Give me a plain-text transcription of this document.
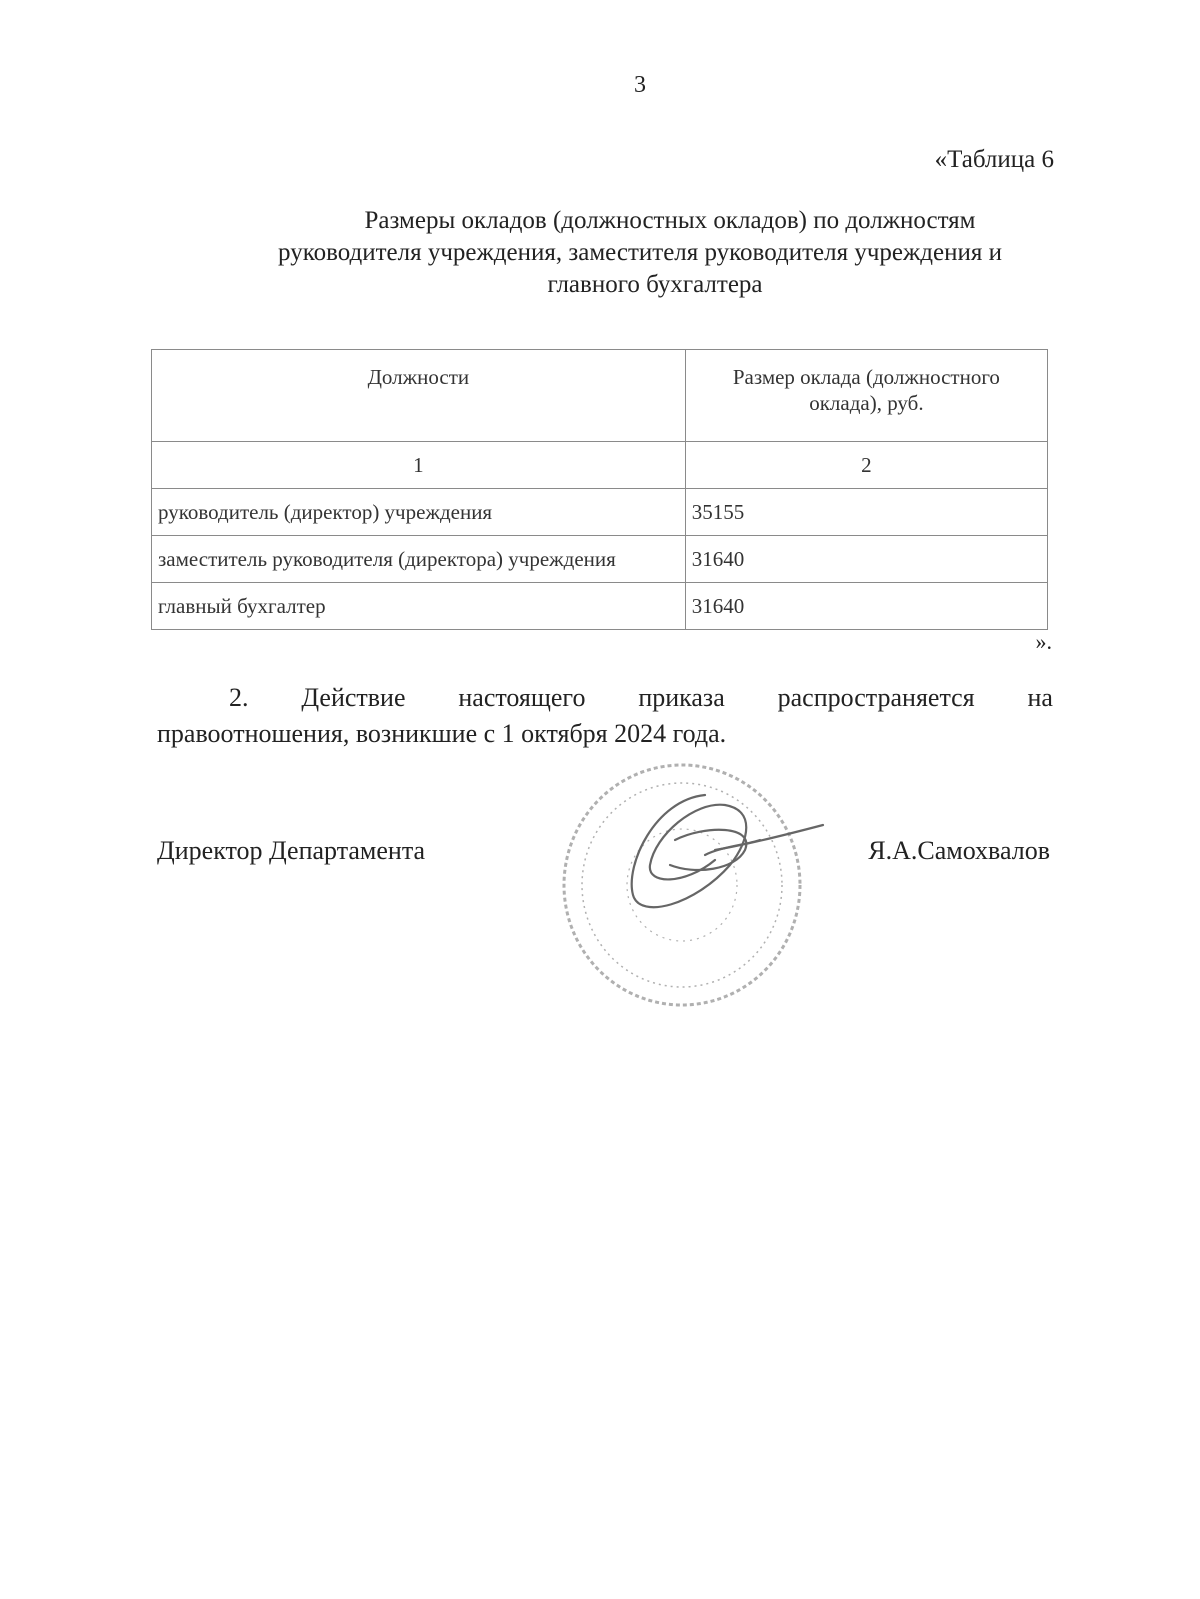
3
«Таблица 6
Размеры окладов (должностных окладов) по должностям
руководителя учреждения, заместителя руководителя учреждения и
главного бухгалтера
Должности	Размер оклада (должностного
оклада), руб.

1	2
руководитель (директор) учреждения	35155
заместитель руководителя (директора) учреждения	31640
главный бухгалтер	31640
».
2. Действие настоящего приказа распространяется на
правоотношения, возникшие с 1 октября 2024 года.
Директор Департамента	Я.А.Самохвалов
